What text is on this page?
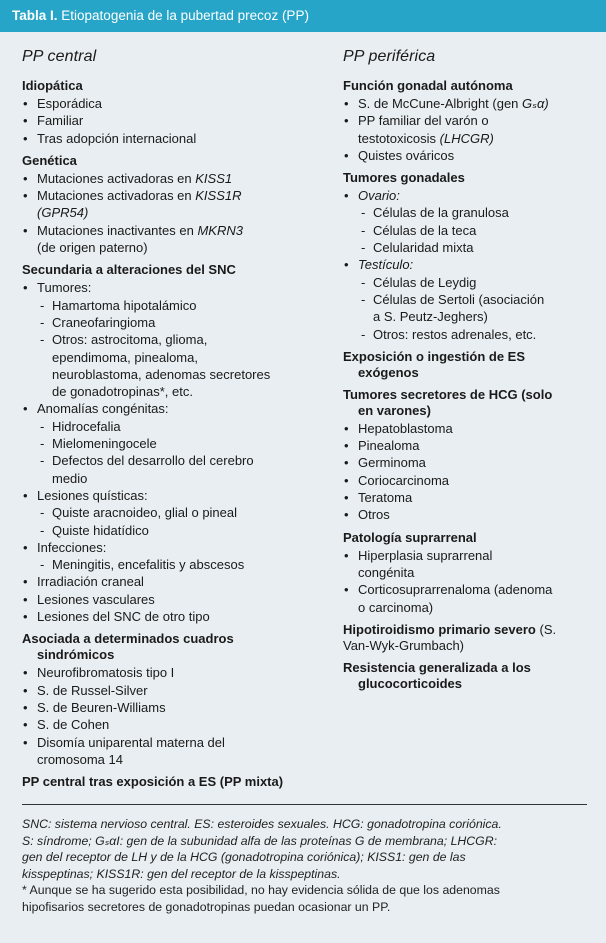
Tabla I. Etiopatogenia de la pubertad precoz (PP)
PP central
Idiopática
• Esporádica
• Familiar
• Tras adopción internacional
Genética
• Mutaciones activadoras en KISS1
• Mutaciones activadoras en KISS1R
(GPR54)
• Mutaciones inactivantes en MKRN3
(de origen paterno)
Secundaria a alteraciones del SNC
• Tumores:
- Hamartoma hipotalámico
- Craneofaringioma
- Otros: astrocitoma, glioma,
ependimoma, pinealoma,
neuroblastoma, adenomas secretores
de gonadotropinas*, etc.
• Anomalías congénitas:
- Hidrocefalia
- Mielomeningocele
- Defectos del desarrollo del cerebro
medio
• Lesiones quísticas:
- Quiste aracnoideo, glial o pineal
- Quiste hidatídico
• Infecciones:
- Meningitis, encefalitis y abscesos
• Irradiación craneal
• Lesiones vasculares
• Lesiones del SNC de otro tipo
Asociada a determinados cuadros

sindrómicos
• Neurofibromatosis tipo I
• S. de Russel-Silver
• S. de Beuren-Williams
• S. de Cohen
• Disomía uniparental materna del
cromosoma 14
PP central tras exposición a ES (PP mixta)
PP periférica
Función gonadal autónoma
• S. de McCune-Albright (gen Gₛα)
• PP familiar del varón o
testotoxicosis (LHCGR)
• Quistes ováricos
Tumores gonadales
• Ovario:
- Células de la granulosa
- Células de la teca
- Celularidad mixta
• Testículo:
- Células de Leydig
- Células de Sertoli (asociación
a S. Peutz-Jeghers)
- Otros: restos adrenales, etc.
Exposición o ingestión de ES

exógenos
Tumores secretores de HCG (solo

en varones)
• Hepatoblastoma
• Pinealoma
• Germinoma
• Coriocarcinoma
• Teratoma
• Otros
Patología suprarrenal
• Hiperplasia suprarrenal
congénita
• Corticosuprarrenaloma (adenoma
o carcinoma)
Hipotiroidismo primario severo (S.
Van-Wyk-Grumbach)
Resistencia generalizada a los

glucocorticoides
SNC: sistema nervioso central. ES: esteroides sexuales. HCG: gonadotropina coriónica.
S: síndrome; GₛαI: gen de la subunidad alfa de las proteínas G de membrana; LHCGR:
gen del receptor de LH y de la HCG (gonadotropina coriónica); KISS1: gen de las
kisspeptinas; KISS1R: gen del receptor de la kisspeptinas.
* Aunque se ha sugerido esta posibilidad, no hay evidencia sólida de que los adenomas
hipofisarios secretores de gonadotropinas puedan ocasionar un PP.
